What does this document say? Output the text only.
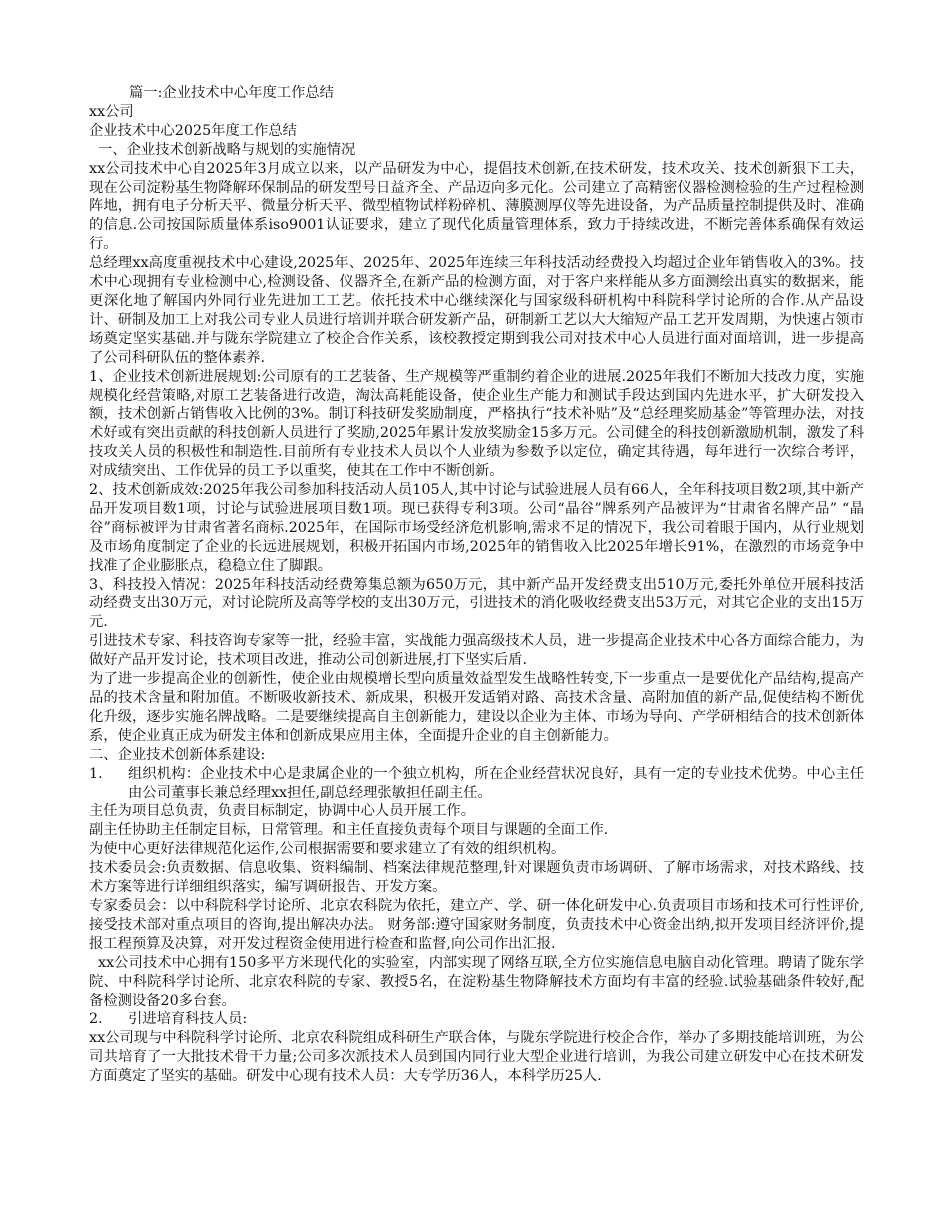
篇一:企业技术中心年度工作总结

xx公司

企业技术中心2025年度工作总结

一、企业技术创新战略与规划的实施情况

xx公司技术中心自2025年3月成立以来，以产品研发为中心，提倡技术创新,在技术研发，技术攻关、技术创新狠下工夫，现在公司淀粉基生物降解环保制品的研发型号日益齐全、产品迈向多元化。公司建立了高精密仪器检测检验的生产过程检测阵地，拥有电子分析天平、微量分析天平、微型植物试样粉碎机、薄膜测厚仪等先进设备，为产品质量控制提供及时、准确的信息.公司按国际质量体系iso9001认证要求，建立了现代化质量管理体系，致力于持续改进，不断完善体系确保有效运行。

总经理xx高度重视技术中心建设,2025年、2025年、2025年连续三年科技活动经费投入均超过企业年销售收入的3%。技术中心现拥有专业检测中心,检测设备、仪器齐全,在新产品的检测方面，对于客户来样能从多方面测绘出真实的数据来，能更深化地了解国内外同行业先进加工工艺。依托技术中心继续深化与国家级科研机构中科院科学讨论所的合作.从产品设计、研制及加工上对我公司专业人员进行培训并联合研发新产品，研制新工艺以大大缩短产品工艺开发周期，为快速占领市场奠定坚实基础.并与陇东学院建立了校企合作关系，该校教授定期到我公司对技术中心人员进行面对面培训，进一步提高了公司科研队伍的整体素养.

1、企业技术创新进展规划:公司原有的工艺装备、生产规模等严重制约着企业的进展.2025年我们不断加大技改力度，实施规模化经营策略,对原工艺装备进行改造，淘汰高耗能设备，使企业生产能力和测试手段达到国内先进水平，扩大研发投入额，技术创新占销售收入比例的3%。制订科技研发奖励制度，严格执行“技术补贴”及“总经理奖励基金”等管理办法，对技术好或有突出贡献的科技创新人员进行了奖励,2025年累计发放奖励金15多万元。公司健全的科技创新激励机制，激发了科技攻关人员的积极性和制造性.目前所有专业技术人员以个人业绩为参数予以定位，确定其待遇，每年进行一次综合考评，对成绩突出、工作优异的员工予以重奖，使其在工作中不断创新。

2、技术创新成效:2025年我公司参加科技活动人员105人,其中讨论与试验进展人员有66人，全年科技项目数2项,其中新产品开发项目数1项，讨论与试验进展项目数1项。现已获得专利3项。公司“晶谷”牌系列产品被评为“甘肃省名牌产品” “晶谷”商标被评为甘肃省著名商标.2025年，在国际市场受经济危机影响,需求不足的情况下，我公司着眼于国内，从行业规划及市场角度制定了企业的长远进展规划，积极开拓国内市场,2025年的销售收入比2025年增长91%，在激烈的市场竞争中找准了企业膨胀点，稳稳立住了脚跟。

3、科技投入情况：2025年科技活动经费筹集总额为650万元，其中新产品开发经费支出510万元,委托外单位开展科技活动经费支出30万元，对讨论院所及高等学校的支出30万元，引进技术的消化吸收经费支出53万元，对其它企业的支出15万元.

引进技术专家、科技咨询专家等一批，经验丰富，实战能力强高级技术人员，进一步提高企业技术中心各方面综合能力，为做好产品开发讨论，技术项目改进，推动公司创新进展,打下坚实后盾.

为了进一步提高企业的创新性，使企业由规模增长型向质量效益型发生战略性转变,下一步重点一是要优化产品结构,提高产品的技术含量和附加值。不断吸收新技术、新成果，积极开发适销对路、高技术含量、高附加值的新产品,促使结构不断优化升级，逐步实施名牌战略。二是要继续提高自主创新能力，建设以企业为主体、市场为导向、产学研相结合的技术创新体系，使企业真正成为研发主体和创新成果应用主体，全面提升企业的自主创新能力。

二、企业技术创新体系建设:

1.	组织机构：企业技术中心是隶属企业的一个独立机构，所在企业经营状况良好，具有一定的专业技术优势。中心主任由公司董事长兼总经理xx担任,副总经理张敏担任副主任。

主任为项目总负责，负责目标制定，协调中心人员开展工作。

副主任协助主任制定目标，日常管理。和主任直接负责每个项目与课题的全面工作.

为使中心更好法律规范化运作,公司根据需要和要求建立了有效的组织机构。

技术委员会:负责数据、信息收集、资料编制、档案法律规范整理,针对课题负责市场调研、了解市场需求，对技术路线、技术方案等进行详细组织落实，编写调研报告、开发方案。

专家委员会：以中科院科学讨论所、北京农科院为依托，建立产、学、研一体化研发中心.负责项目市场和技术可行性评价,接受技术部对重点项目的咨询,提出解决办法。 财务部:遵守国家财务制度，负责技术中心资金出纳,拟开发项目经济评价,提报工程预算及决算，对开发过程资金使用进行检查和监督,向公司作出汇报.

xx公司技术中心拥有150多平方米现代化的实验室，内部实现了网络互联,全方位实施信息电脑自动化管理。聘请了陇东学院、中科院科学讨论所、北京农科院的专家、教授5名，在淀粉基生物降解技术方面均有丰富的经验.试验基础条件较好,配备检测设备20多台套。

2.	引进培育科技人员:

xx公司现与中科院科学讨论所、北京农科院组成科研生产联合体，与陇东学院进行校企合作，举办了多期技能培训班，为公司共培育了一大批技术骨干力量;公司多次派技术人员到国内同行业大型企业进行培训，为我公司建立研发中心在技术研发方面奠定了坚实的基础。研发中心现有技术人员：大专学历36人，本科学历25人.
